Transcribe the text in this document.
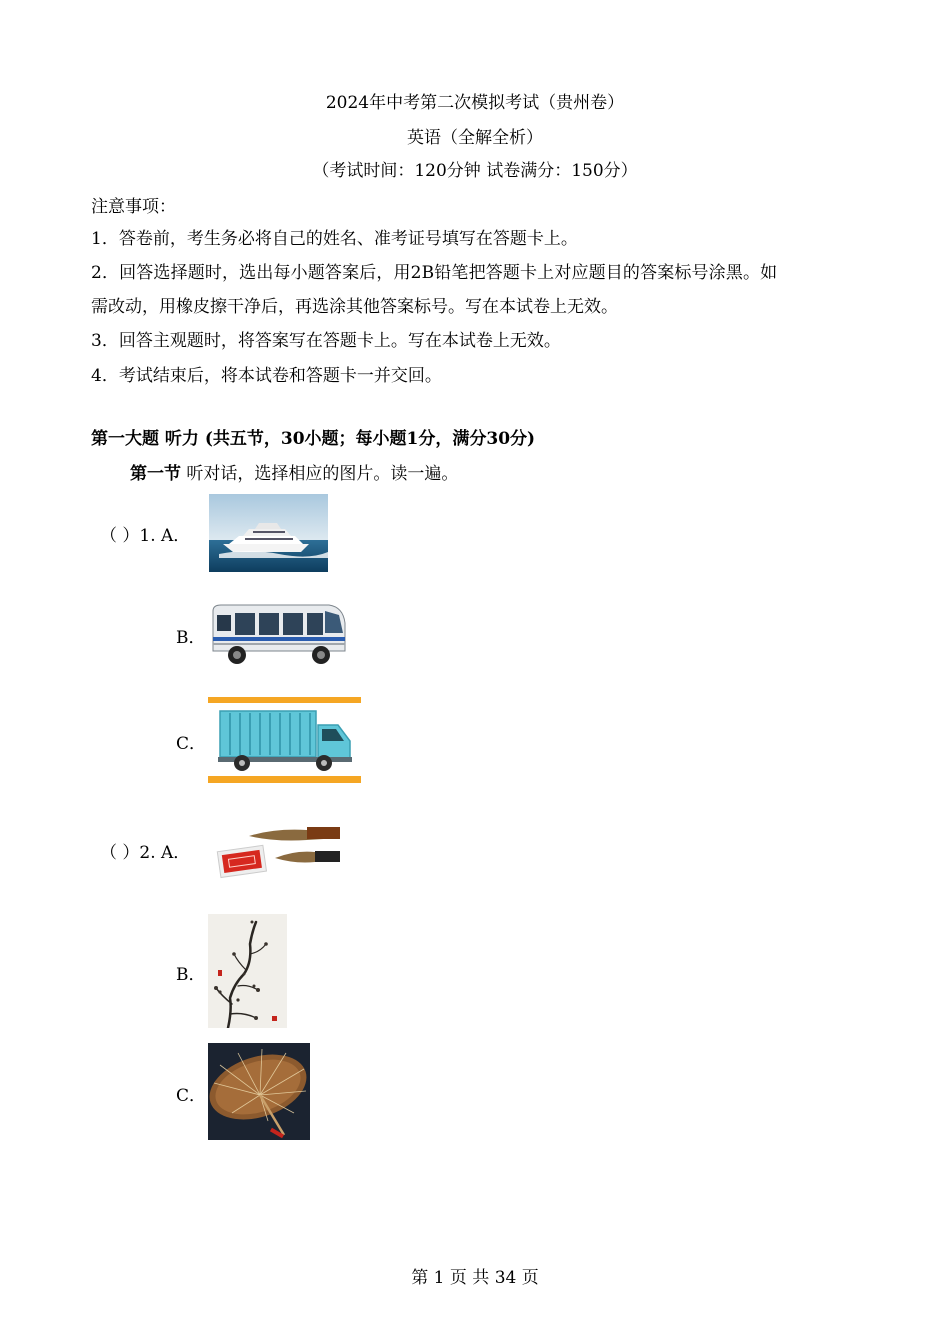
2024年中考第二次模拟考试（贵州卷）
英语（全解全析）
（考试时间：120分钟 试卷满分：150分）
注意事项：
1．答卷前，考生务必将自己的姓名、准考证号填写在答题卡上。
2．回答选择题时，选出每小题答案后，用2B铅笔把答题卡上对应题目的答案标号涂黑。如
需改动，用橡皮擦干净后，再选涂其他答案标号。写在本试卷上无效。
3．回答主观题时，将答案写在答题卡上。写在本试卷上无效。
4．考试结束后，将本试卷和答题卡一并交回。
第一大题 听力 (共五节，30小题；每小题1分，满分30分)
第一节 听对话，选择相应的图片。读一遍。
（ ）1. A．
B．
C．
（ ）2. A．
B．
C．
第 1 页 共 34 页
